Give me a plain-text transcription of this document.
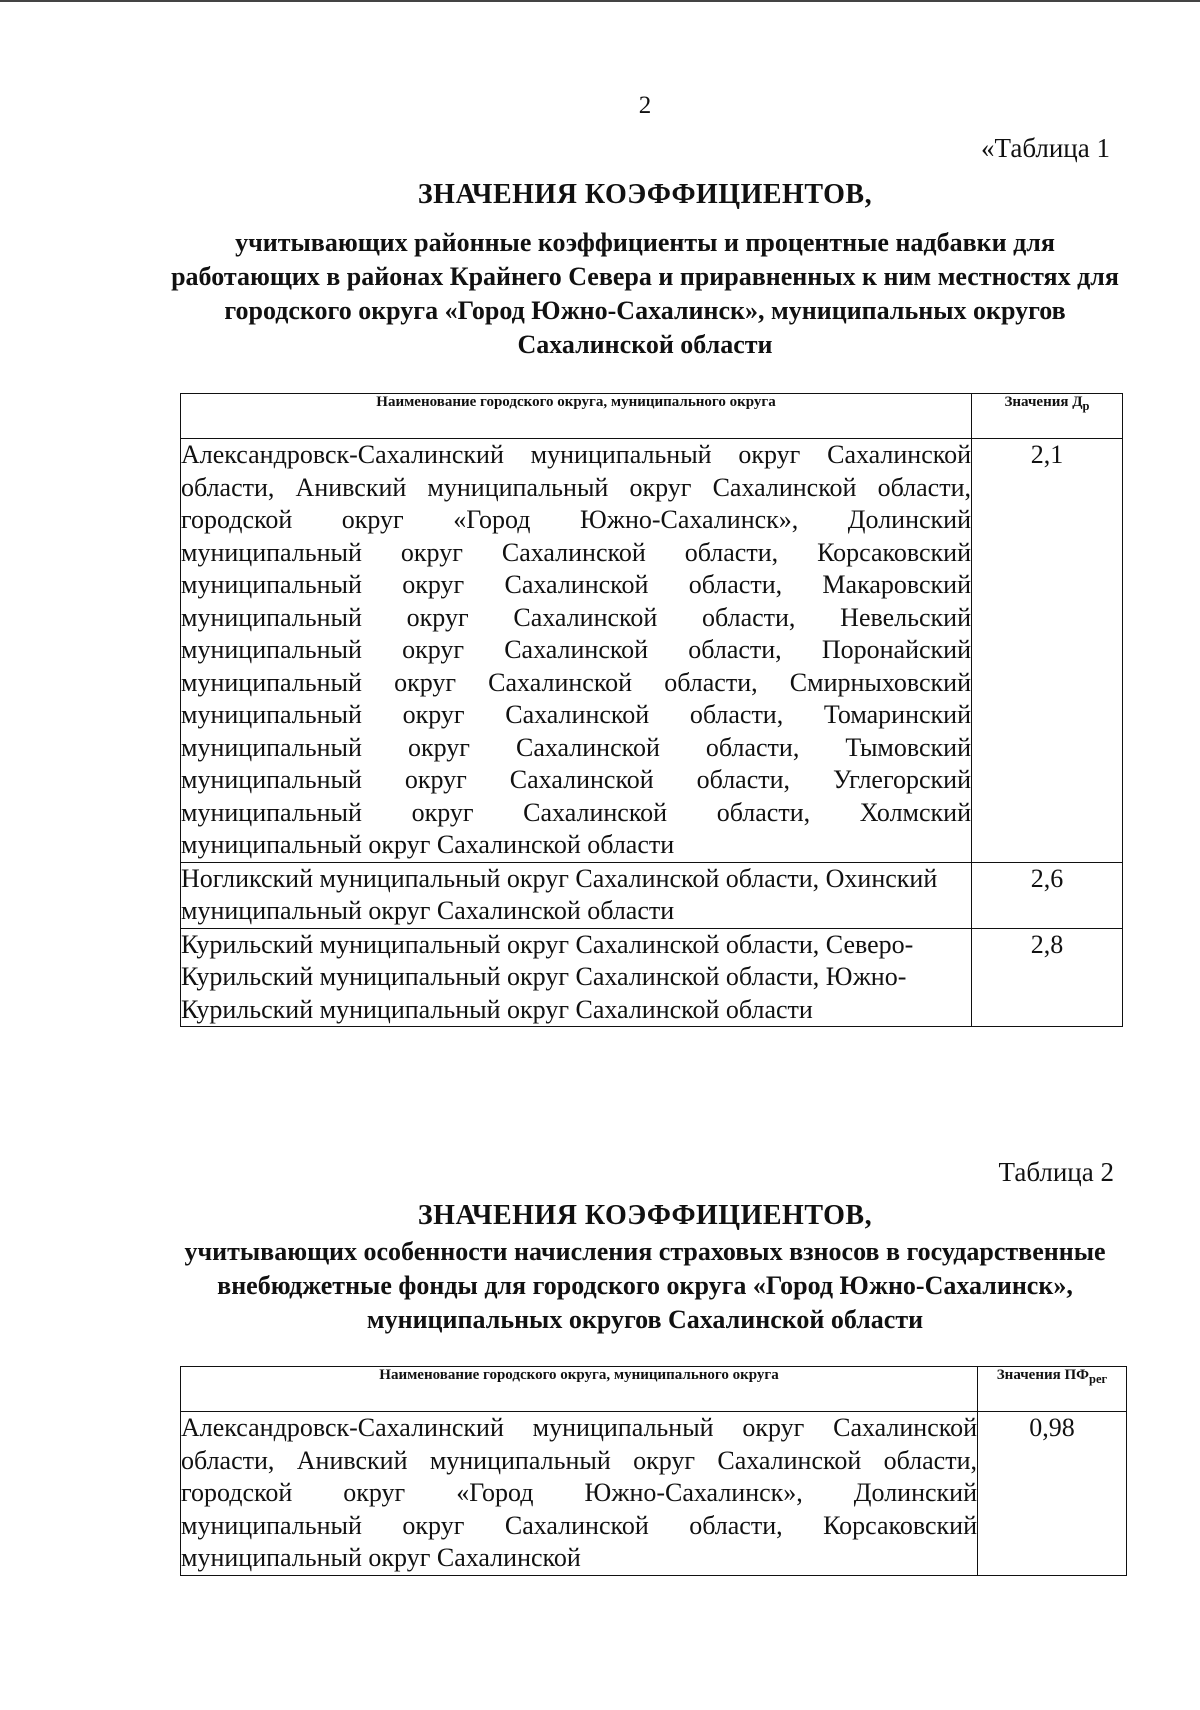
2
«Таблица 1
ЗНАЧЕНИЯ КОЭФФИЦИЕНТОВ,
учитывающих районные коэффициенты и процентные надбавки для работающих в районах Крайнего Севера и приравненных к ним местностях для городского округа «Город Южно-Сахалинск», муниципальных округов Сахалинской области
Наименование городского округа, муниципального округа	Значения $Д_р$
Александровск-Сахалинский муниципальный округ Сахалинской области, Анивский муниципальный округ Сахалинской области, городской округ «Город Южно-Сахалинск», Долинский муниципальный округ Сахалинской области, Корсаковский муниципальный округ Сахалинской области, Макаровский муниципальный округ Сахалинской области, Невельский муниципальный округ Сахалинской области, Поронайский муниципальный округ Сахалинской области, Смирныховский муниципальный округ Сахалинской области, Томаринский муниципальный округ Сахалинской области, Тымовский муниципальный округ Сахалинской области, Углегорский муниципальный округ Сахалинской области, Холмский муниципальный округ Сахалинской области	2,1
Ногликский муниципальный округ Сахалинской области, Охинский муниципальный округ Сахалинской области	2,6
Курильский муниципальный округ Сахалинской области, Северо-Курильский муниципальный округ Сахалинской области, Южно-Курильский муниципальный округ Сахалинской области	2,8
Таблица 2
ЗНАЧЕНИЯ КОЭФФИЦИЕНТОВ,
учитывающих особенности начисления страховых взносов в государственные внебюджетные фонды для городского округа «Город Южно-Сахалинск», муниципальных округов Сахалинской области
Наименование городского округа, муниципального округа	Значения $ПФ_{рег}$

Александровск-Сахалинский муниципальный округ Сахалинской области, Анивский муниципальный округ Сахалинской области, городской округ «Город Южно-Сахалинск», Долинский муниципальный округ Сахалинской области, Корсаковский муниципальный округ Сахалинской	0,98
